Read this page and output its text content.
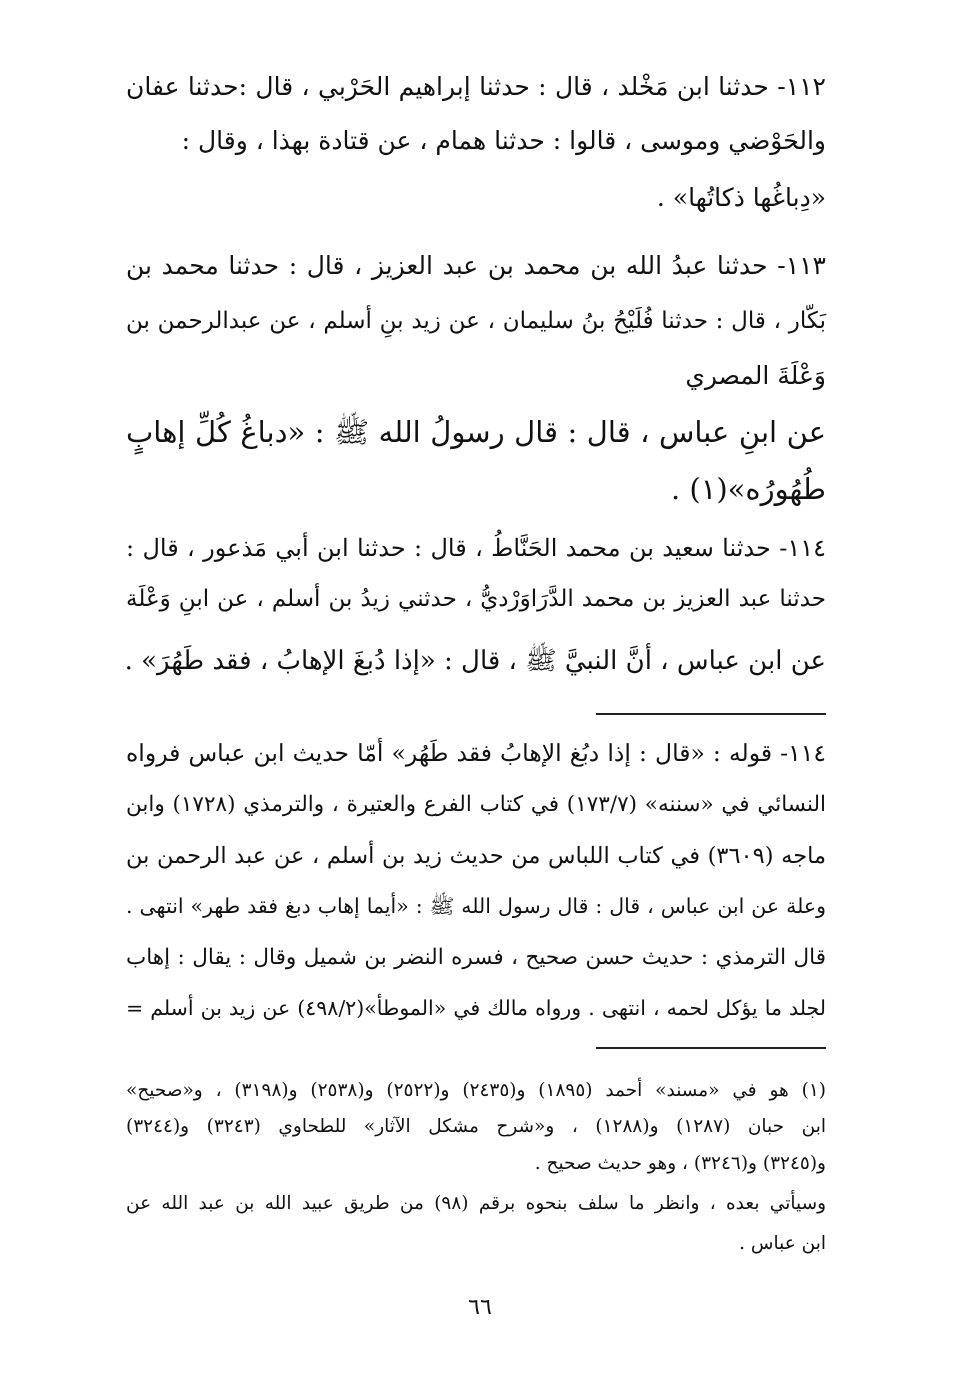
١١٢- حدثنا ابن مَخْلد ، قال : حدثنا إبراهيم الحَرْبي ، قال :حدثنا عفان
والحَوْضي وموسى ، قالوا : حدثنا همام ، عن قتادة بهذا ، وقال :
«دِباغُها ذكاتُها» .
١١٣- حدثنا عبدُ الله بن محمد بن عبد العزيز ، قال : حدثنا محمد بن
بَكّار ، قال : حدثنا فُلَيْحُ بنُ سليمان ، عن زيد بنِ أسلم ، عن عبدالرحمن بن
وَعْلَةَ المصري
عن ابنِ عباس ، قال : قال رسولُ الله ﷺ : «دباغُ كُلِّ إهابٍ
طُهُورُه»(١) .
١١٤- حدثنا سعيد بن محمد الحَنَّاطُ ، قال : حدثنا ابن أبي مَذعور ، قال :
حدثنا عبد العزيز بن محمد الدَّرَاوَرْديُّ ، حدثني زيدُ بن أسلم ، عن ابنِ وَعْلَة
عن ابن عباس ، أنَّ النبيَّ ﷺ ، قال : «إذا دُبغَ الإهابُ ، فقد طَهُرَ» .
١١٤- قوله : «قال : إذا دبُغ الإهابُ فقد طَهُر» أمّا حديث ابن عباس فرواه
النسائي في «سننه» (١٧٣/٧) في كتاب الفرع والعتيرة ، والترمذي (١٧٢٨) وابن
ماجه (٣٦٠٩) في كتاب اللباس من حديث زيد بن أسلم ، عن عبد الرحمن بن
وعلة عن ابن عباس ، قال : قال رسول الله ﷺ : «أيما إهاب دبغ فقد طهر» انتهى .
قال الترمذي : حديث حسن صحيح ، فسره النضر بن شميل وقال : يقال : إهاب
لجلد ما يؤكل لحمه ، انتهى . ورواه مالك في «الموطأ»(٤٩٨/٢) عن زيد بن أسلم =
(١) هو في «مسند» أحمد (١٨٩٥) و(٢٤٣٥) و(٢٥٢٢) و(٢٥٣٨) و(٣١٩٨) ، و«صحيح»
ابن حبان (١٢٨٧) و(١٢٨٨) ، و«شرح مشكل الآثار» للطحاوي (٣٢٤٣) و(٣٢٤٤)
و(٣٢٤٥) و(٣٢٤٦) ، وهو حديث صحيح .
وسيأتي بعده ، وانظر ما سلف بنحوه برقم (٩٨) من طريق عبيد الله بن عبد الله عن
ابن عباس .
٦٦
